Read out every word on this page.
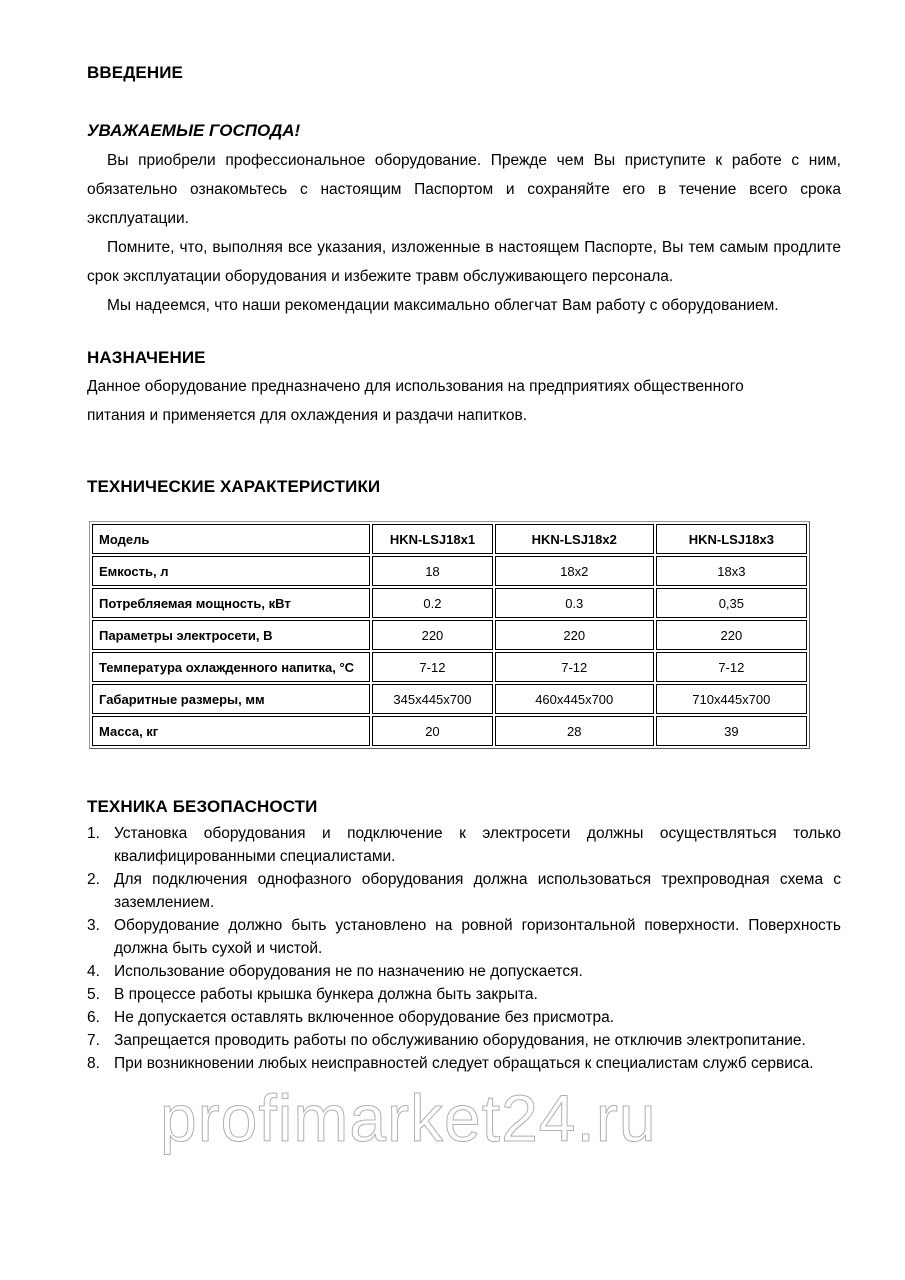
ВВЕДЕНИЕ
УВАЖАЕМЫЕ ГОСПОДА!

Вы приобрели профессиональное оборудование. Прежде чем Вы приступите к работе с ним, обязательно ознакомьтесь с настоящим Паспортом и сохраняйте его в течение всего срока эксплуатации.

Помните, что, выполняя все указания, изложенные в настоящем Паспорте, Вы тем самым продлите срок эксплуатации оборудования и избежите травм обслуживающего персонала.

Мы надеемся, что наши рекомендации максимально облегчат Вам работу с оборудованием.

НАЗНАЧЕНИЕ

Данное оборудование предназначено для использования на предприятиях общественного

питания и применяется для охлаждения и раздачи напитков.

ТЕХНИЧЕСКИЕ ХАРАКТЕРИСТИКИ
Модель	HKN-LSJ18x1	HKN-LSJ18x2	HKN-LSJ18x3
Емкость, л	18	18x2	18x3
Потребляемая мощность, кВт	0.2	0.3	0,35
Параметры электросети, В	220	220	220
Температура охлажденного напитка, °С	7-12	7-12	7-12
Габаритные размеры, мм	345x445x700	460x445x700	710x445x700
Масса, кг	20	28	39
ТЕХНИКА БЕЗОПАСНОСТИ
1. Установка оборудования и подключение к электросети должны осуществляться только квалифицированными специалистами.
2. Для подключения однофазного оборудования должна использоваться трехпроводная схема с заземлением.
3. Оборудование должно быть установлено на ровной горизонтальной поверхности. Поверхность должна быть сухой и чистой.
4. Использование оборудования не по назначению не допускается.
5. В процессе работы крышка бункера должна быть закрыта.
6. Не допускается оставлять включенное оборудование без присмотра.
7. Запрещается проводить работы по обслуживанию оборудования, не отключив электропитание.
8. При возникновении любых неисправностей следует обращаться к специалистам служб сервиса.
profimarket24.ru
